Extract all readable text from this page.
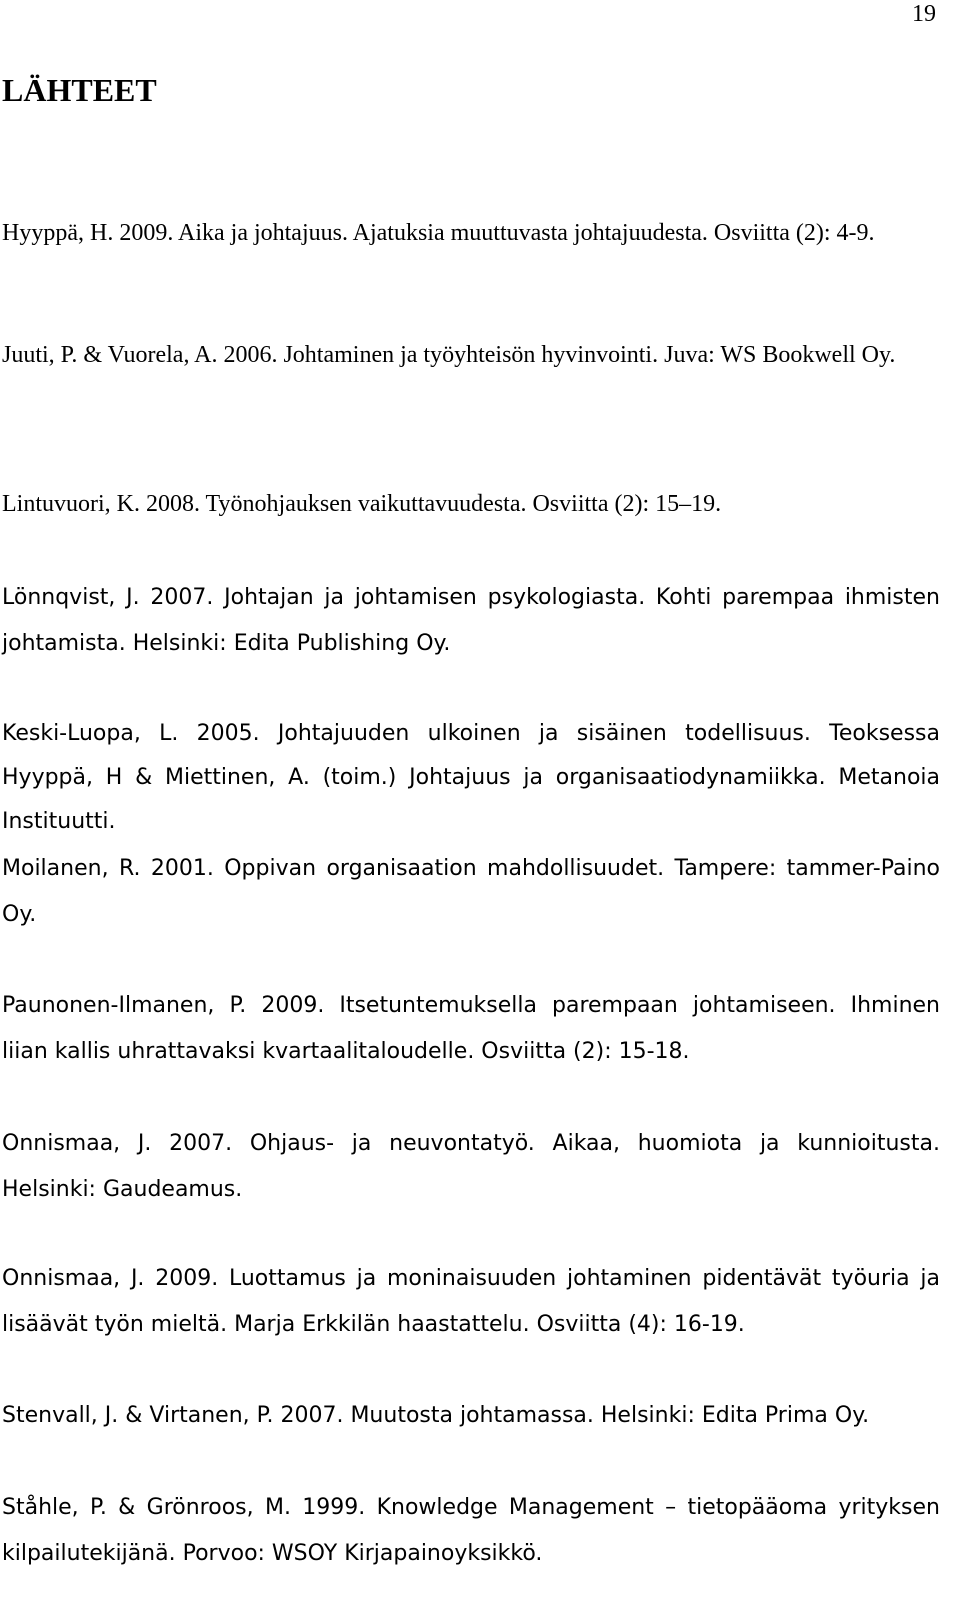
19
LÄHTEET

Hyyppä, H. 2009. Aika ja johtajuus. Ajatuksia muuttuvasta johtajuudesta. Osviitta (2): 4-9.

Juuti, P. & Vuorela, A. 2006. Johtaminen ja työyhteisön hyvinvointi. Juva: WS Bookwell Oy.

Lintuvuori, K. 2008. Työnohjauksen vaikuttavuudesta. Osviitta (2): 15–19.

Lönnqvist, J. 2007. Johtajan ja johtamisen psykologiasta. Kohti parempaa ihmisten johtamista. Helsinki: Edita Publishing Oy.

Keski-Luopa, L. 2005. Johtajuuden ulkoinen ja sisäinen todellisuus. Teoksessa Hyyppä, H & Miettinen, A. (toim.) Johtajuus ja organisaatiodynamiikka. Metanoia Instituutti.

Moilanen, R. 2001. Oppivan organisaation mahdollisuudet. Tampere: tammer-Paino Oy.

Paunonen-Ilmanen, P. 2009. Itsetuntemuksella parempaan johtamiseen. Ihminen liian kallis uhrattavaksi kvartaalitaloudelle. Osviitta (2): 15-18.

Onnismaa, J. 2007. Ohjaus- ja neuvontatyö. Aikaa, huomiota ja kunnioitusta. Helsinki: Gaudeamus.

Onnismaa, J. 2009. Luottamus ja moninaisuuden johtaminen pidentävät työuria ja lisäävät työn mieltä. Marja Erkkilän haastattelu. Osviitta (4): 16-19.

Stenvall, J. & Virtanen, P. 2007. Muutosta johtamassa. Helsinki: Edita Prima Oy.

Ståhle, P. & Grönroos, M. 1999. Knowledge Management – tietopääoma yrityksen kilpailutekijänä. Porvoo: WSOY Kirjapainoyksikkö.
